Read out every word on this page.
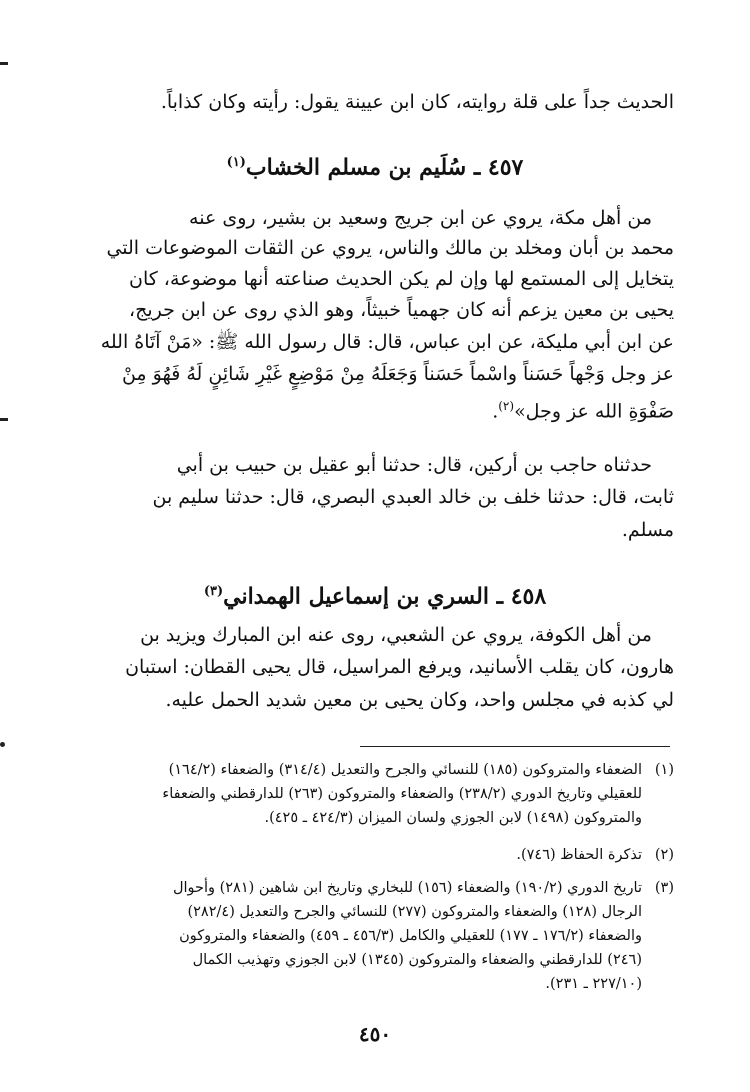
الحديث جداً على قلة روايته، كان ابن عيينة يقول: رأيته وكان كذاباً.
٤٥٧ ـ سُلَيم بن مسلم الخشاب$^{(١)}$
من أهل مكة، يروي عن ابن جريج وسعيد بن بشير، روى عنه
محمد بن أبان ومخلد بن مالك والناس، يروي عن الثقات الموضوعات التي
يتخايل إلى المستمع لها وإن لم يكن الحديث صناعته أنها موضوعة، كان
يحيى بن معين يزعم أنه كان جهمياً خبيثاً، وهو الذي روى عن ابن جريج،
عن ابن أبي مليكة، عن ابن عباس، قال: قال رسول الله ﷺ: «مَنْ آتَاهُ الله
عز وجل وَجْهاً حَسَناً واسْماً حَسَناً وَجَعَلَهُ مِنْ مَوْضِعٍ غَيْرِ شَائِنٍ لَهُ فَهُوَ مِنْ
صَفْوَةِ الله عز وجل»$^{(٢)}$.
حدثناه حاجب بن أركين، قال: حدثنا أبو عقيل بن حبيب بن أبي
ثابت، قال: حدثنا خلف بن خالد العبدي البصري، قال: حدثنا سليم بن
مسلم.
٤٥٨ ـ السري بن إسماعيل الهمداني$^{(٣)}$
من أهل الكوفة، يروي عن الشعبي، روى عنه ابن المبارك ويزيد بن
هارون، كان يقلب الأسانيد، ويرفع المراسيل، قال يحيى القطان: استبان
لي كذبه في مجلس واحد، وكان يحيى بن معين شديد الحمل عليه.
(١)الضعفاء والمتروكون (١٨٥) للنسائي والجرح والتعديل (٣١٤/٤) والضعفاء (١٦٤/٢)
للعقيلي وتاريخ الدوري (٢٣٨/٢) والضعفاء والمتروكون (٢٦٣) للدارقطني والضعفاء
والمتروكون (١٤٩٨) لابن الجوزي ولسان الميزان (٤٢٤/٣ ـ ٤٢٥).
(٢)تذكرة الحفاظ (٧٤٦).
(٣)تاريخ الدوري (١٩٠/٢) والضعفاء (١٥٦) للبخاري وتاريخ ابن شاهين (٢٨١) وأحوال
الرجال (١٢٨) والضعفاء والمتروكون (٢٧٧) للنسائي والجرح والتعديل (٢٨٢/٤)
والضعفاء (١٧٦/٢ ـ ١٧٧) للعقيلي والكامل (٤٥٦/٣ ـ ٤٥٩) والضعفاء والمتروكون
(٢٤٦) للدارقطني والضعفاء والمتروكون (١٣٤٥) لابن الجوزي وتهذيب الكمال
(٢٢٧/١٠ ـ ٢٣١).
٤٥٠
